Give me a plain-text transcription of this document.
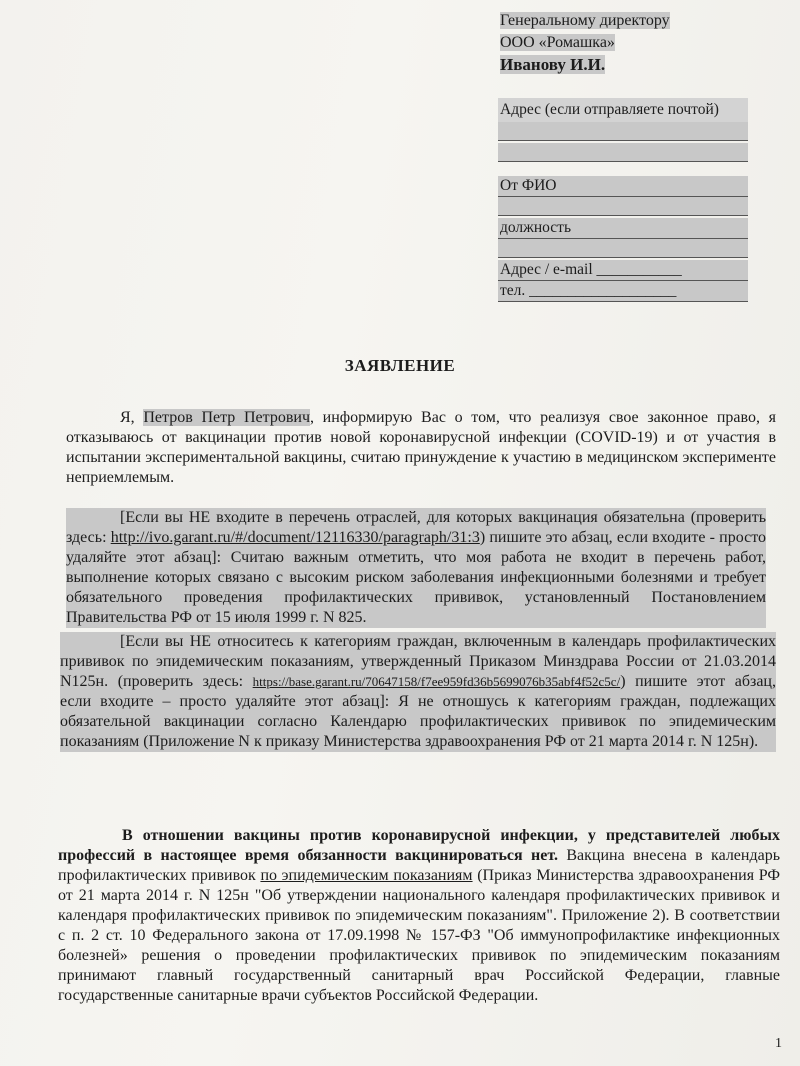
Генеральному директору
ООО «Ромашка»
Иванову И.И.
Адрес (если отправляете почтой)
От ФИО
должность
Адрес / e-mail ___________
тел. ___________________
ЗАЯВЛЕНИЕ

Я, Петров Петр Петрович, информирую Вас о том, что реализуя свое законное право, я отказываюсь от вакцинации против новой коронавирусной инфекции (COVID-19) и от участия в испытании экспериментальной вакцины, считаю принуждение к участию в медицинском эксперименте неприемлемым.

[Если вы НЕ входите в перечень отраслей, для которых вакцинация обязательна (проверить здесь: http://ivo.garant.ru/#/document/12116330/paragraph/31:3) пишите это абзац, если входите - просто удаляйте этот абзац]: Считаю важным отметить, что моя работа не входит в перечень работ, выполнение которых связано с высоким риском заболевания инфекционными болезнями и требует обязательного проведения профилактических прививок, установленный Постановлением Правительства РФ от 15 июля 1999 г. N 825.

[Если вы НЕ относитесь к категориям граждан, включенным в календарь профилактических прививок по эпидемическим показаниям, утвержденный Приказом Минздрава России от 21.03.2014 N125н. (проверить здесь: https://base.garant.ru/70647158/f7ee959fd36b5699076b35abf4f52c5c/) пишите этот абзац, если входите – просто удаляйте этот абзац]: Я не отношусь к категориям граждан, подлежащих обязательной вакцинации согласно Календарю профилактических прививок по эпидемическим показаниям (Приложение N к приказу Министерства здравоохранения РФ от 21 марта 2014 г. N 125н).

В отношении вакцины против коронавирусной инфекции, у представителей любых профессий в настоящее время обязанности вакцинироваться нет. Вакцина внесена в календарь профилактических прививок по эпидемическим показаниям (Приказ Министерства здравоохранения РФ от 21 марта 2014 г. N 125н "Об утверждении национального календаря профилактических прививок и календаря профилактических прививок по эпидемическим показаниям". Приложение 2). В соответствии с п. 2 ст. 10 Федерального закона от 17.09.1998 № 157-ФЗ "Об иммунопрофилактике инфекционных болезней» решения о проведении профилактических прививок по эпидемическим показаниям принимают главный государственный санитарный врач Российской Федерации, главные государственные санитарные врачи субъектов Российской Федерации.

1
